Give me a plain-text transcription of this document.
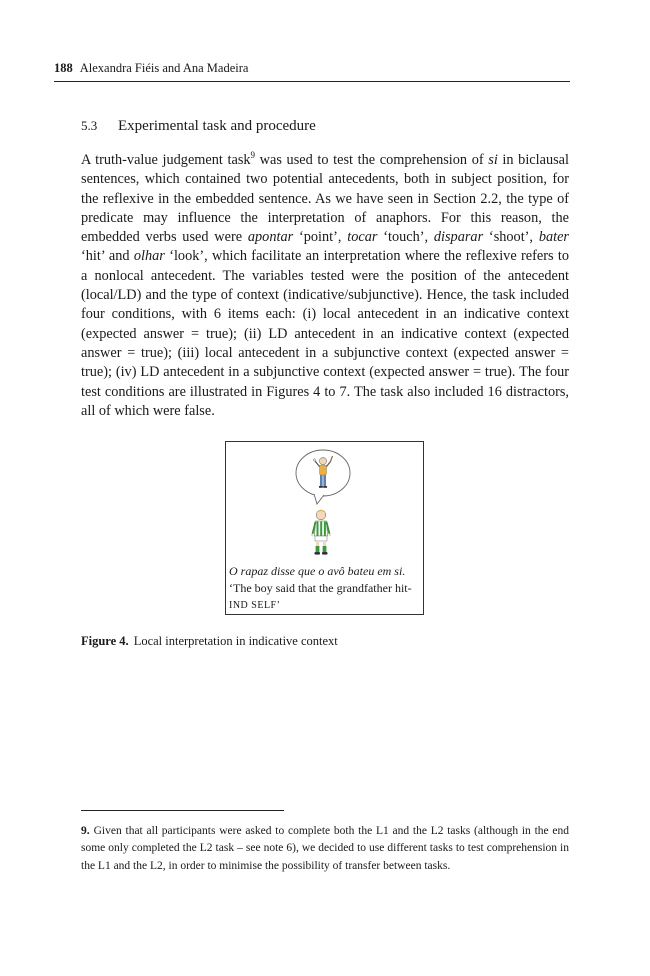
188 Alexandra Fiéis and Ana Madeira
5.3 Experimental task and procedure

A truth-value judgement task$^9$ was used to test the comprehension of si in biclausal sentences, which contained two potential antecedents, both in subject position, for the reflexive in the embedded sentence. As we have seen in Section 2.2, the type of predicate may influence the interpretation of anaphors. For this reason, the embedded verbs used were apontar ‘point’, tocar ‘touch’, disparar ‘shoot’, bater ‘hit’ and olhar ‘look’, which facilitate an interpretation where the reflexive refers to a nonlocal antecedent. The variables tested were the position of the antecedent (local/LD) and the type of context (indicative/subjunctive). Hence, the task included four conditions, with 6 items each: (i) local antecedent in an indicative context (expected answer = true); (ii) LD antecedent in an indicative context (expected answer = true); (iii) local antecedent in a subjunctive context (expected answer = true); (iv) LD antecedent in a subjunctive context (expected answer = true). The four test conditions are illustrated in Figures 4 to 7. The task also included 16 distractors, all of which were false.

O rapaz disse que o avô bateu em si.
‘The boy said that the grandfather hit-
IND SELF’
Figure 4. Local interpretation in indicative context

9. Given that all participants were asked to complete both the L1 and the L2 tasks (although in the end some only completed the L2 task – see note 6), we decided to use different tasks to test comprehension in the L1 and the L2, in order to minimise the possibility of transfer between tasks.
